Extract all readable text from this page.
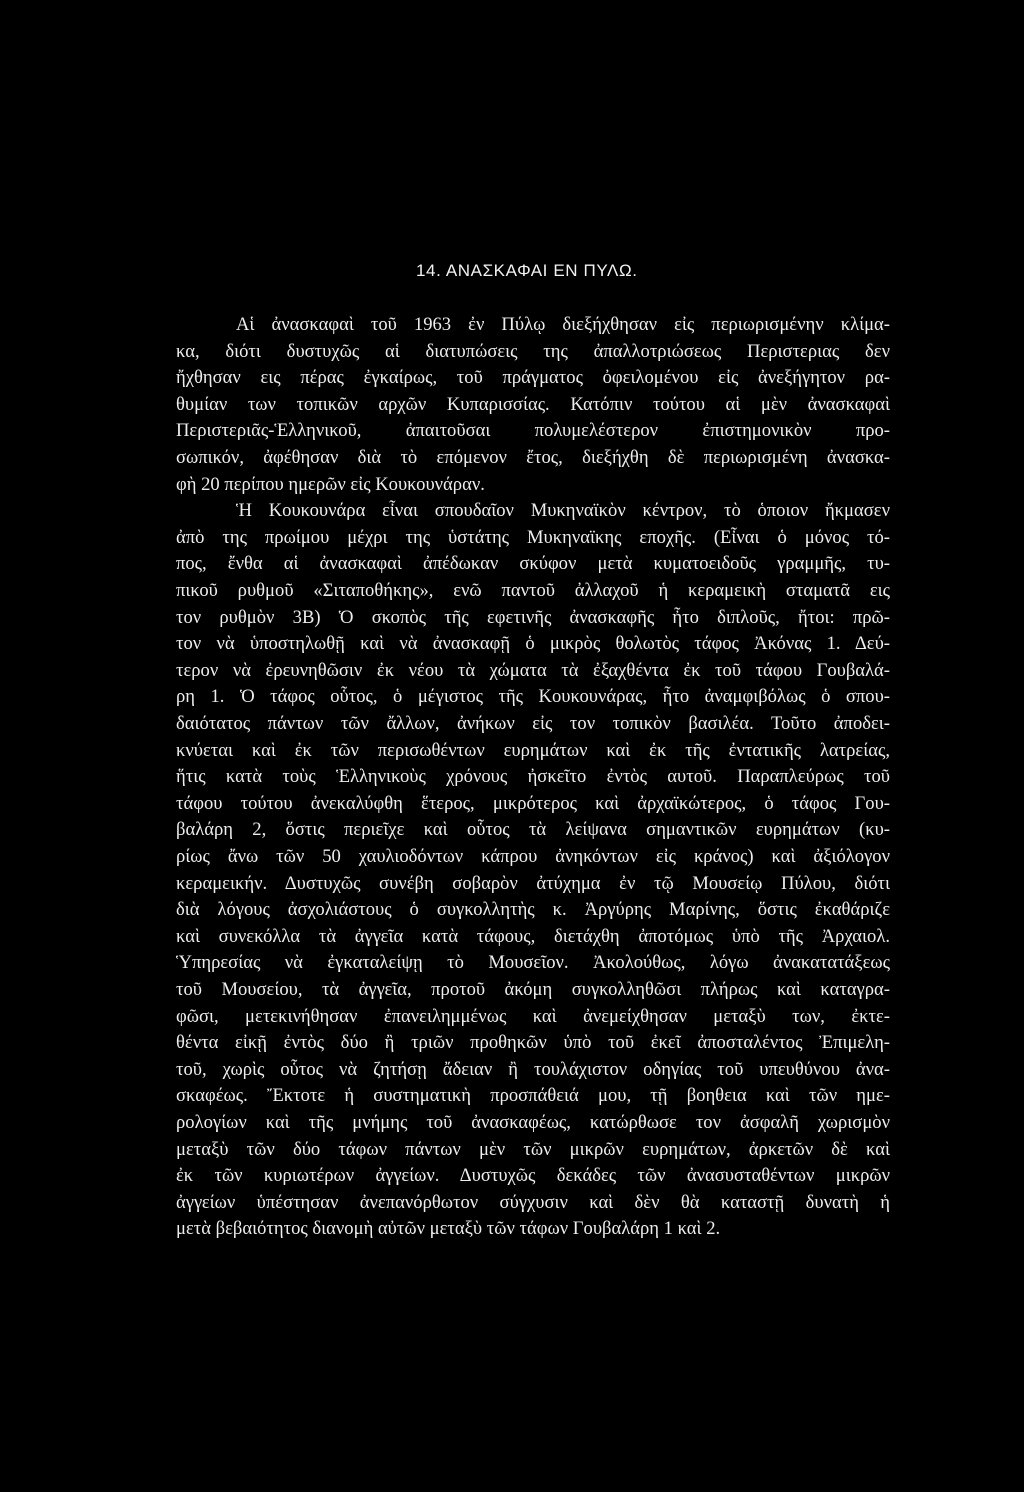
14. ΑΝΑΣΚΑΦΑΙ ΕΝ ΠΥΛΩ.

Αἱ ἀνασκαφαὶ τοῦ 1963 ἐν Πύλῳ διεξήχθησαν εἰς περιωρισμένην κλίμα-

κα, διότι δυστυχῶς αἱ διατυπώσεις της ἀπαλλοτριώσεως Περιστεριας δεν

ἤχθησαν εις πέρας ἐγκαίρως, τοῦ πράγματος ὀφειλομένου εἰς ἀνεξήγητον ρα-

θυμίαν των τοπικῶν αρχῶν Κυπαρισσίας. Κατόπιν τούτου αἱ μὲν ἀνασκαφαὶ

Περιστεριᾶς-Ἑλληνικοῦ, ἀπαιτοῦσαι πολυμελέστερον ἐπιστημονικὸν προ-

σωπικόν, ἀφέθησαν διὰ τὸ επόμενον ἔτος, διεξήχθη δὲ περιωρισμένη ἀνασκα-

φὴ 20 περίπου ημερῶν εἰς Κουκουνάραν.

Ἡ Κουκουνάρα εἶναι σπουδαῖον Μυκηναϊκὸν κέντρον, τὸ ὁποιον ἤκμασεν

ἀπὸ της πρωίμου μέχρι της ὑστάτης Μυκηναϊκης εποχῆς. (Εἶναι ὁ μόνος τό-

πος, ἔνθα αἱ ἀνασκαφαὶ ἀπέδωκαν σκύφον μετὰ κυματοειδοῦς γραμμῆς, τυ-

πικοῦ ρυθμοῦ «Σιταποθήκης», ενῶ παντοῦ ἀλλαχοῦ ἡ κεραμεικὴ σταματᾶ εις

τον ρυθμὸν 3Β) Ὁ σκοπὸς τῆς εφετινῆς ἀνασκαφῆς ἦτο διπλοῦς, ἤτοι: πρῶ-

τον νὰ ὑποστηλωθῇ καὶ νὰ ἀνασκαφῇ ὁ μικρὸς θολωτὸς τάφος Ἀκόνας 1. Δεύ-

τερον νὰ ἐρευνηθῶσιν ἐκ νέου τὰ χώματα τὰ ἐξαχθέντα ἐκ τοῦ τάφου Γουβαλά-

ρη 1. Ὁ τάφος οὗτος, ὁ μέγιστος τῆς Κουκουνάρας, ἦτο ἀναμφιβόλως ὁ σπου-

δαιότατος πάντων τῶν ἄλλων, ἀνήκων εἰς τον τοπικὸν βασιλέα. Τοῦτο ἀποδει-

κνύεται καὶ ἐκ τῶν περισωθέντων ευρημάτων καὶ ἐκ τῆς ἐντατικῆς λατρείας,

ἥτις κατὰ τοὺς Ἑλληνικοὺς χρόνους ἠσκεῖτο ἐντὸς αυτοῦ. Παραπλεύρως τοῦ

τάφου τούτου ἀνεκαλύφθη ἕτερος, μικρότερος καὶ ἀρχαϊκώτερος, ὁ τάφος Γου-

βαλάρη 2, ὅστις περιεῖχε καὶ οὗτος τὰ λείψανα σημαντικῶν ευρημάτων (κυ-

ρίως ἄνω τῶν 50 χαυλιοδόντων κάπρου ἀνηκόντων εἰς κράνος) καὶ ἀξιόλογον

κεραμεικήν. Δυστυχῶς συνέβη σοβαρὸν ἀτύχημα ἐν τῷ Μουσείῳ Πύλου, διότι

διὰ λόγους ἀσχολιάστους ὁ συγκολλητὴς κ. Ἀργύρης Μαρίνης, ὅστις ἐκαθάριζε

καὶ συνεκόλλα τὰ ἀγγεῖα κατὰ τάφους, διετάχθη ἀποτόμως ὑπὸ τῆς Ἀρχαιολ.

Ὑπηρεσίας νὰ ἐγκαταλείψῃ τὸ Μουσεῖον. Ἀκολούθως, λόγω ἀνακατατάξεως

τοῦ Μουσείου, τὰ ἀγγεῖα, προτοῦ ἀκόμη συγκολληθῶσι πλήρως καὶ καταγρα-

φῶσι, μετεκινήθησαν ἐπανειλημμένως καὶ ἀνεμείχθησαν μεταξὺ των, ἐκτε-

θέντα εἰκῇ ἐντὸς δύο ἢ τριῶν προθηκῶν ὑπὸ τοῦ ἐκεῖ ἀποσταλέντος Ἐπιμελη-

τοῦ, χωρὶς οὗτος νὰ ζητήσῃ ἄδειαν ἢ τουλάχιστον οδηγίας τοῦ υπευθύνου ἀνα-

σκαφέως. Ἔκτοτε ἡ συστηματικὴ προσπάθειά μου, τῇ βοηθεια καὶ τῶν ημε-

ρολογίων καὶ τῆς μνήμης τοῦ ἀνασκαφέως, κατώρθωσε τον ἀσφαλῆ χωρισμὸν

μεταξὺ τῶν δύο τάφων πάντων μὲν τῶν μικρῶν ευρημάτων, ἀρκετῶν δὲ καὶ

ἐκ τῶν κυριωτέρων ἀγγείων. Δυστυχῶς δεκάδες τῶν ἀνασυσταθέντων μικρῶν

ἀγγείων ὑπέστησαν ἀνεπανόρθωτον σύγχυσιν καὶ δὲν θὰ καταστῇ δυνατὴ ἡ

μετὰ βεβαιότητος διανομὴ αὐτῶν μεταξὺ τῶν τάφων Γουβαλάρη 1 καὶ 2.
